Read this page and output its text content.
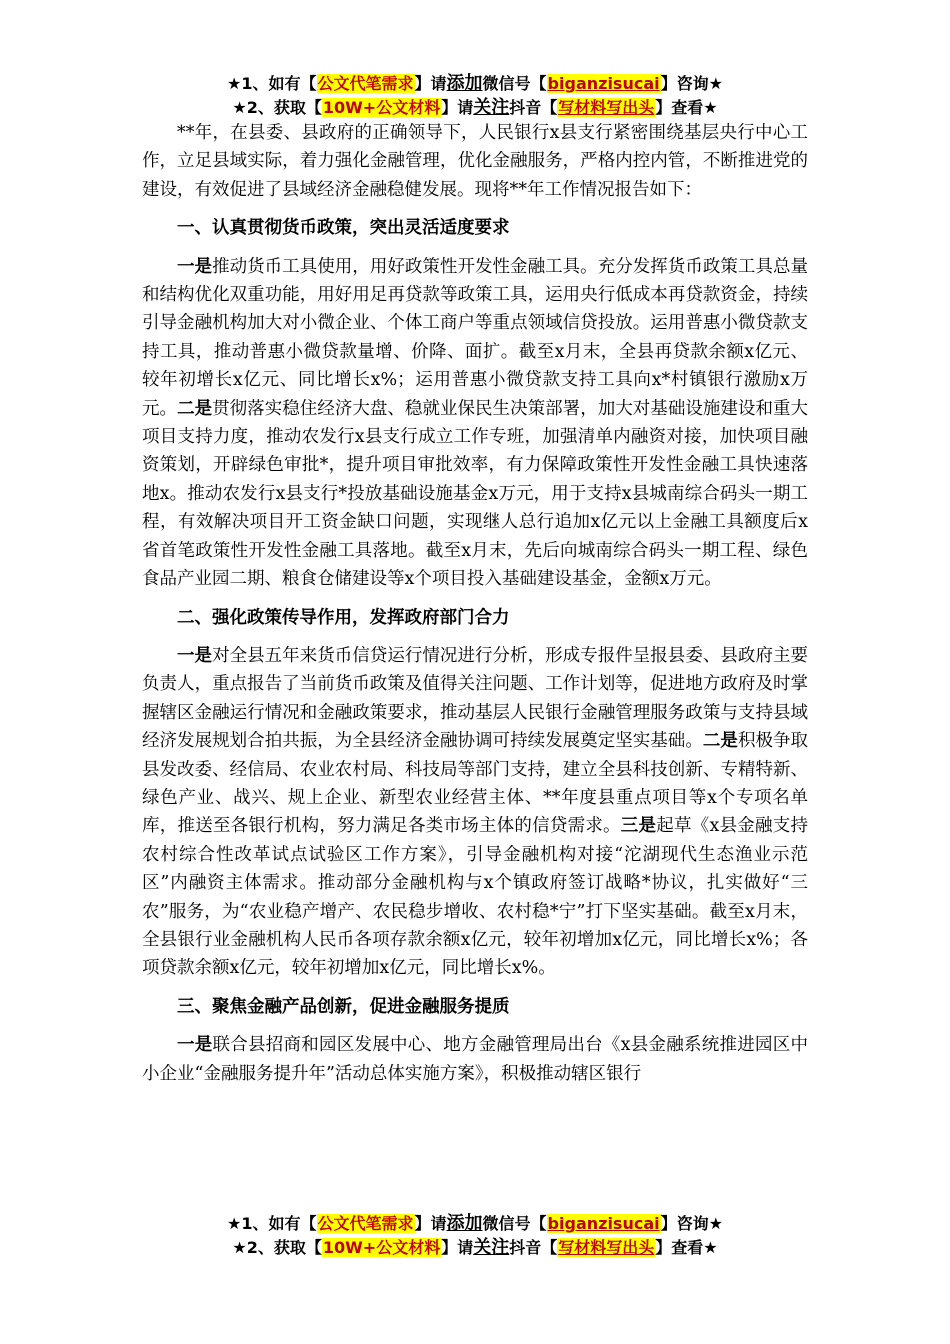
★1、如有【公文代笔需求】请添加微信号【biganzisucai】咨询★
★2、获取【10W+公文材料】请关注抖音【写材料写出头】查看★

**年，在县委、县政府的正确领导下，人民银行x县支行紧密围绕基层央行中心工作，立足县域实际，着力强化金融管理，优化金融服务，严格内控内管，不断推进党的建设，有效促进了县域经济金融稳健发展。现将**年工作情况报告如下：

一、认真贯彻货币政策，突出灵活适度要求

一是推动货币工具使用，用好政策性开发性金融工具。充分发挥货币政策工具总量和结构优化双重功能，用好用足再贷款等政策工具，运用央行低成本再贷款资金，持续引导金融机构加大对小微企业、个体工商户等重点领域信贷投放。运用普惠小微贷款支持工具，推动普惠小微贷款量增、价降、面扩。截至x月末，全县再贷款余额x亿元、较年初增长x亿元、同比增长x%；运用普惠小微贷款支持工具向x*村镇银行激励x万元。二是贯彻落实稳住经济大盘、稳就业保民生决策部署，加大对基础设施建设和重大项目支持力度，推动农发行x县支行成立工作专班，加强清单内融资对接，加快项目融资策划，开辟绿色审批*，提升项目审批效率，有力保障政策性开发性金融工具快速落地x。推动农发行x县支行*投放基础设施基金x万元，用于支持x县城南综合码头一期工程，有效解决项目开工资金缺口问题，实现继人总行追加x亿元以上金融工具额度后x省首笔政策性开发性金融工具落地。截至x月末，先后向城南综合码头一期工程、绿色食品产业园二期、粮食仓储建设等x个项目投入基础建设基金，金额x万元。

二、强化政策传导作用，发挥政府部门合力

一是对全县五年来货币信贷运行情况进行分析，形成专报件呈报县委、县政府主要负责人，重点报告了当前货币政策及值得关注问题、工作计划等，促进地方政府及时掌握辖区金融运行情况和金融政策要求，推动基层人民银行金融管理服务政策与支持县域经济发展规划合拍共振，为全县经济金融协调可持续发展奠定坚实基础。二是积极争取县发改委、经信局、农业农村局、科技局等部门支持，建立全县科技创新、专精特新、绿色产业、战兴、规上企业、新型农业经营主体、**年度县重点项目等x个专项名单库，推送至各银行机构，努力满足各类市场主体的信贷需求。三是起草《x县金融支持农村综合性改革试点试验区工作方案》，引导金融机构对接“沱湖现代生态渔业示范区”内融资主体需求。推动部分金融机构与x个镇政府签订战略*协议，扎实做好“三农”服务，为“农业稳产增产、农民稳步增收、农村稳*宁”打下坚实基础。截至x月末，全县银行业金融机构人民币各项存款余额x亿元，较年初增加x亿元，同比增长x%；各项贷款余额x亿元，较年初增加x亿元，同比增长x%。

三、聚焦金融产品创新，促进金融服务提质

一是联合县招商和园区发展中心、地方金融管理局出台《x县金融系统推进园区中小企业“金融服务提升年”活动总体实施方案》，积极推动辖区银行

★1、如有【公文代笔需求】请添加微信号【biganzisucai】咨询★
★2、获取【10W+公文材料】请关注抖音【写材料写出头】查看★
